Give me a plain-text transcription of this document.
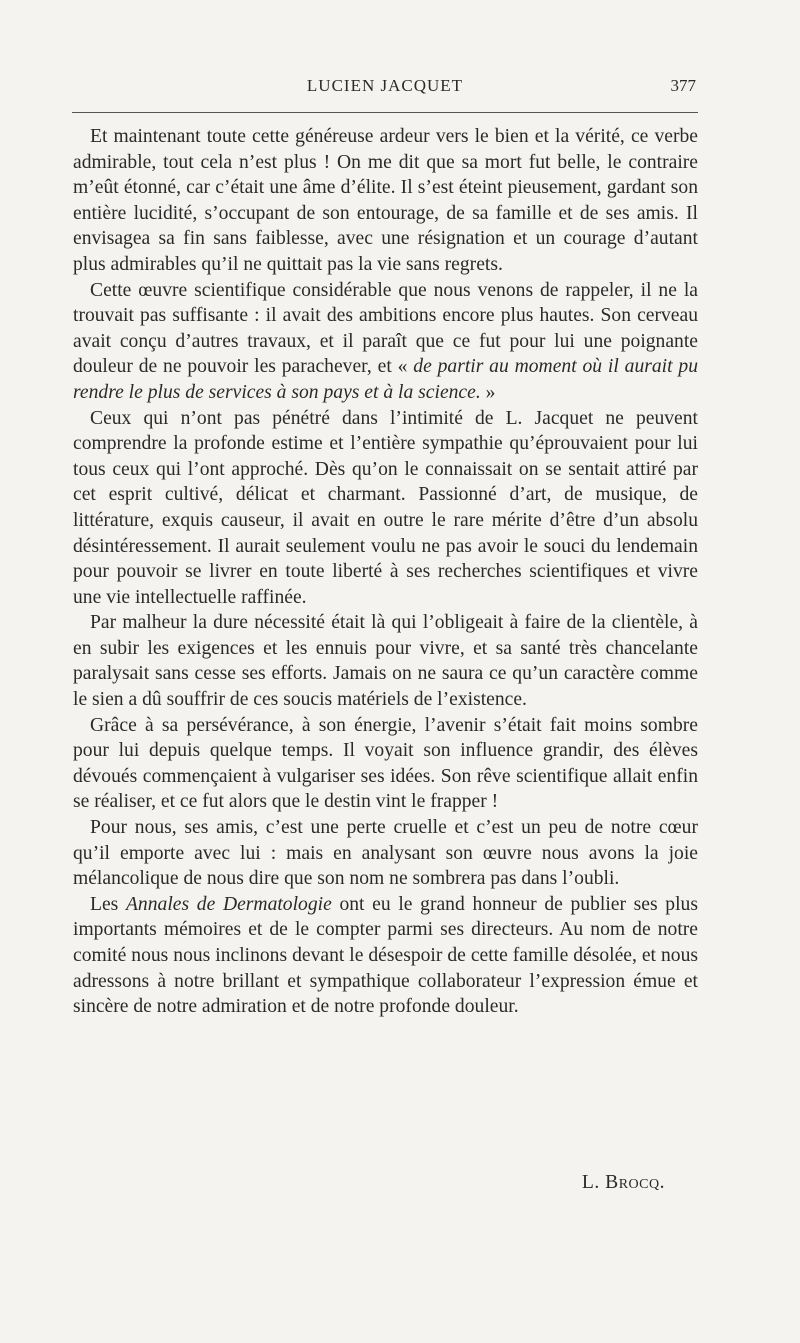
LUCIEN JACQUET	377

Et maintenant toute cette généreuse ardeur vers le bien et la vérité, ce verbe admirable, tout cela n’est plus ! On me dit que sa mort fut belle, le contraire m’eût étonné, car c’était une âme d’élite. Il s’est éteint pieusement, gardant son entière lucidité, s’occupant de son entourage, de sa famille et de ses amis. Il envisagea sa fin sans faiblesse, avec une résignation et un courage d’autant plus admirables qu’il ne quittait pas la vie sans regrets.

Cette œuvre scientifique considérable que nous venons de rappeler, il ne la trouvait pas suffisante : il avait des ambitions encore plus hautes. Son cerveau avait conçu d’autres travaux, et il paraît que ce fut pour lui une poignante douleur de ne pouvoir les parachever, et « de partir au moment où il aurait pu rendre le plus de services à son pays et à la science. »

Ceux qui n’ont pas pénétré dans l’intimité de L. Jacquet ne peuvent comprendre la profonde estime et l’entière sympathie qu’éprouvaient pour lui tous ceux qui l’ont approché. Dès qu’on le connaissait on se sentait attiré par cet esprit cultivé, délicat et charmant. Passionné d’art, de musique, de littérature, exquis causeur, il avait en outre le rare mérite d’être d’un absolu désintéressement. Il aurait seulement voulu ne pas avoir le souci du lendemain pour pouvoir se livrer en toute liberté à ses recherches scientifiques et vivre une vie intellectuelle raffinée.

Par malheur la dure nécessité était là qui l’obligeait à faire de la clientèle, à en subir les exigences et les ennuis pour vivre, et sa santé très chancelante paralysait sans cesse ses efforts. Jamais on ne saura ce qu’un caractère comme le sien a dû souffrir de ces soucis matériels de l’existence.

Grâce à sa persévérance, à son énergie, l’avenir s’était fait moins sombre pour lui depuis quelque temps. Il voyait son influence grandir, des élèves dévoués commençaient à vulgariser ses idées. Son rêve scientifique allait enfin se réaliser, et ce fut alors que le destin vint le frapper !

Pour nous, ses amis, c’est une perte cruelle et c’est un peu de notre cœur qu’il emporte avec lui : mais en analysant son œuvre nous avons la joie mélancolique de nous dire que son nom ne sombrera pas dans l’oubli.

Les Annales de Dermatologie ont eu le grand honneur de publier ses plus importants mémoires et de le compter parmi ses directeurs. Au nom de notre comité nous nous inclinons devant le désespoir de cette famille désolée, et nous adressons à notre brillant et sympathique collaborateur l’expression émue et sincère de notre admiration et de notre profonde douleur.

L. Brocq.
